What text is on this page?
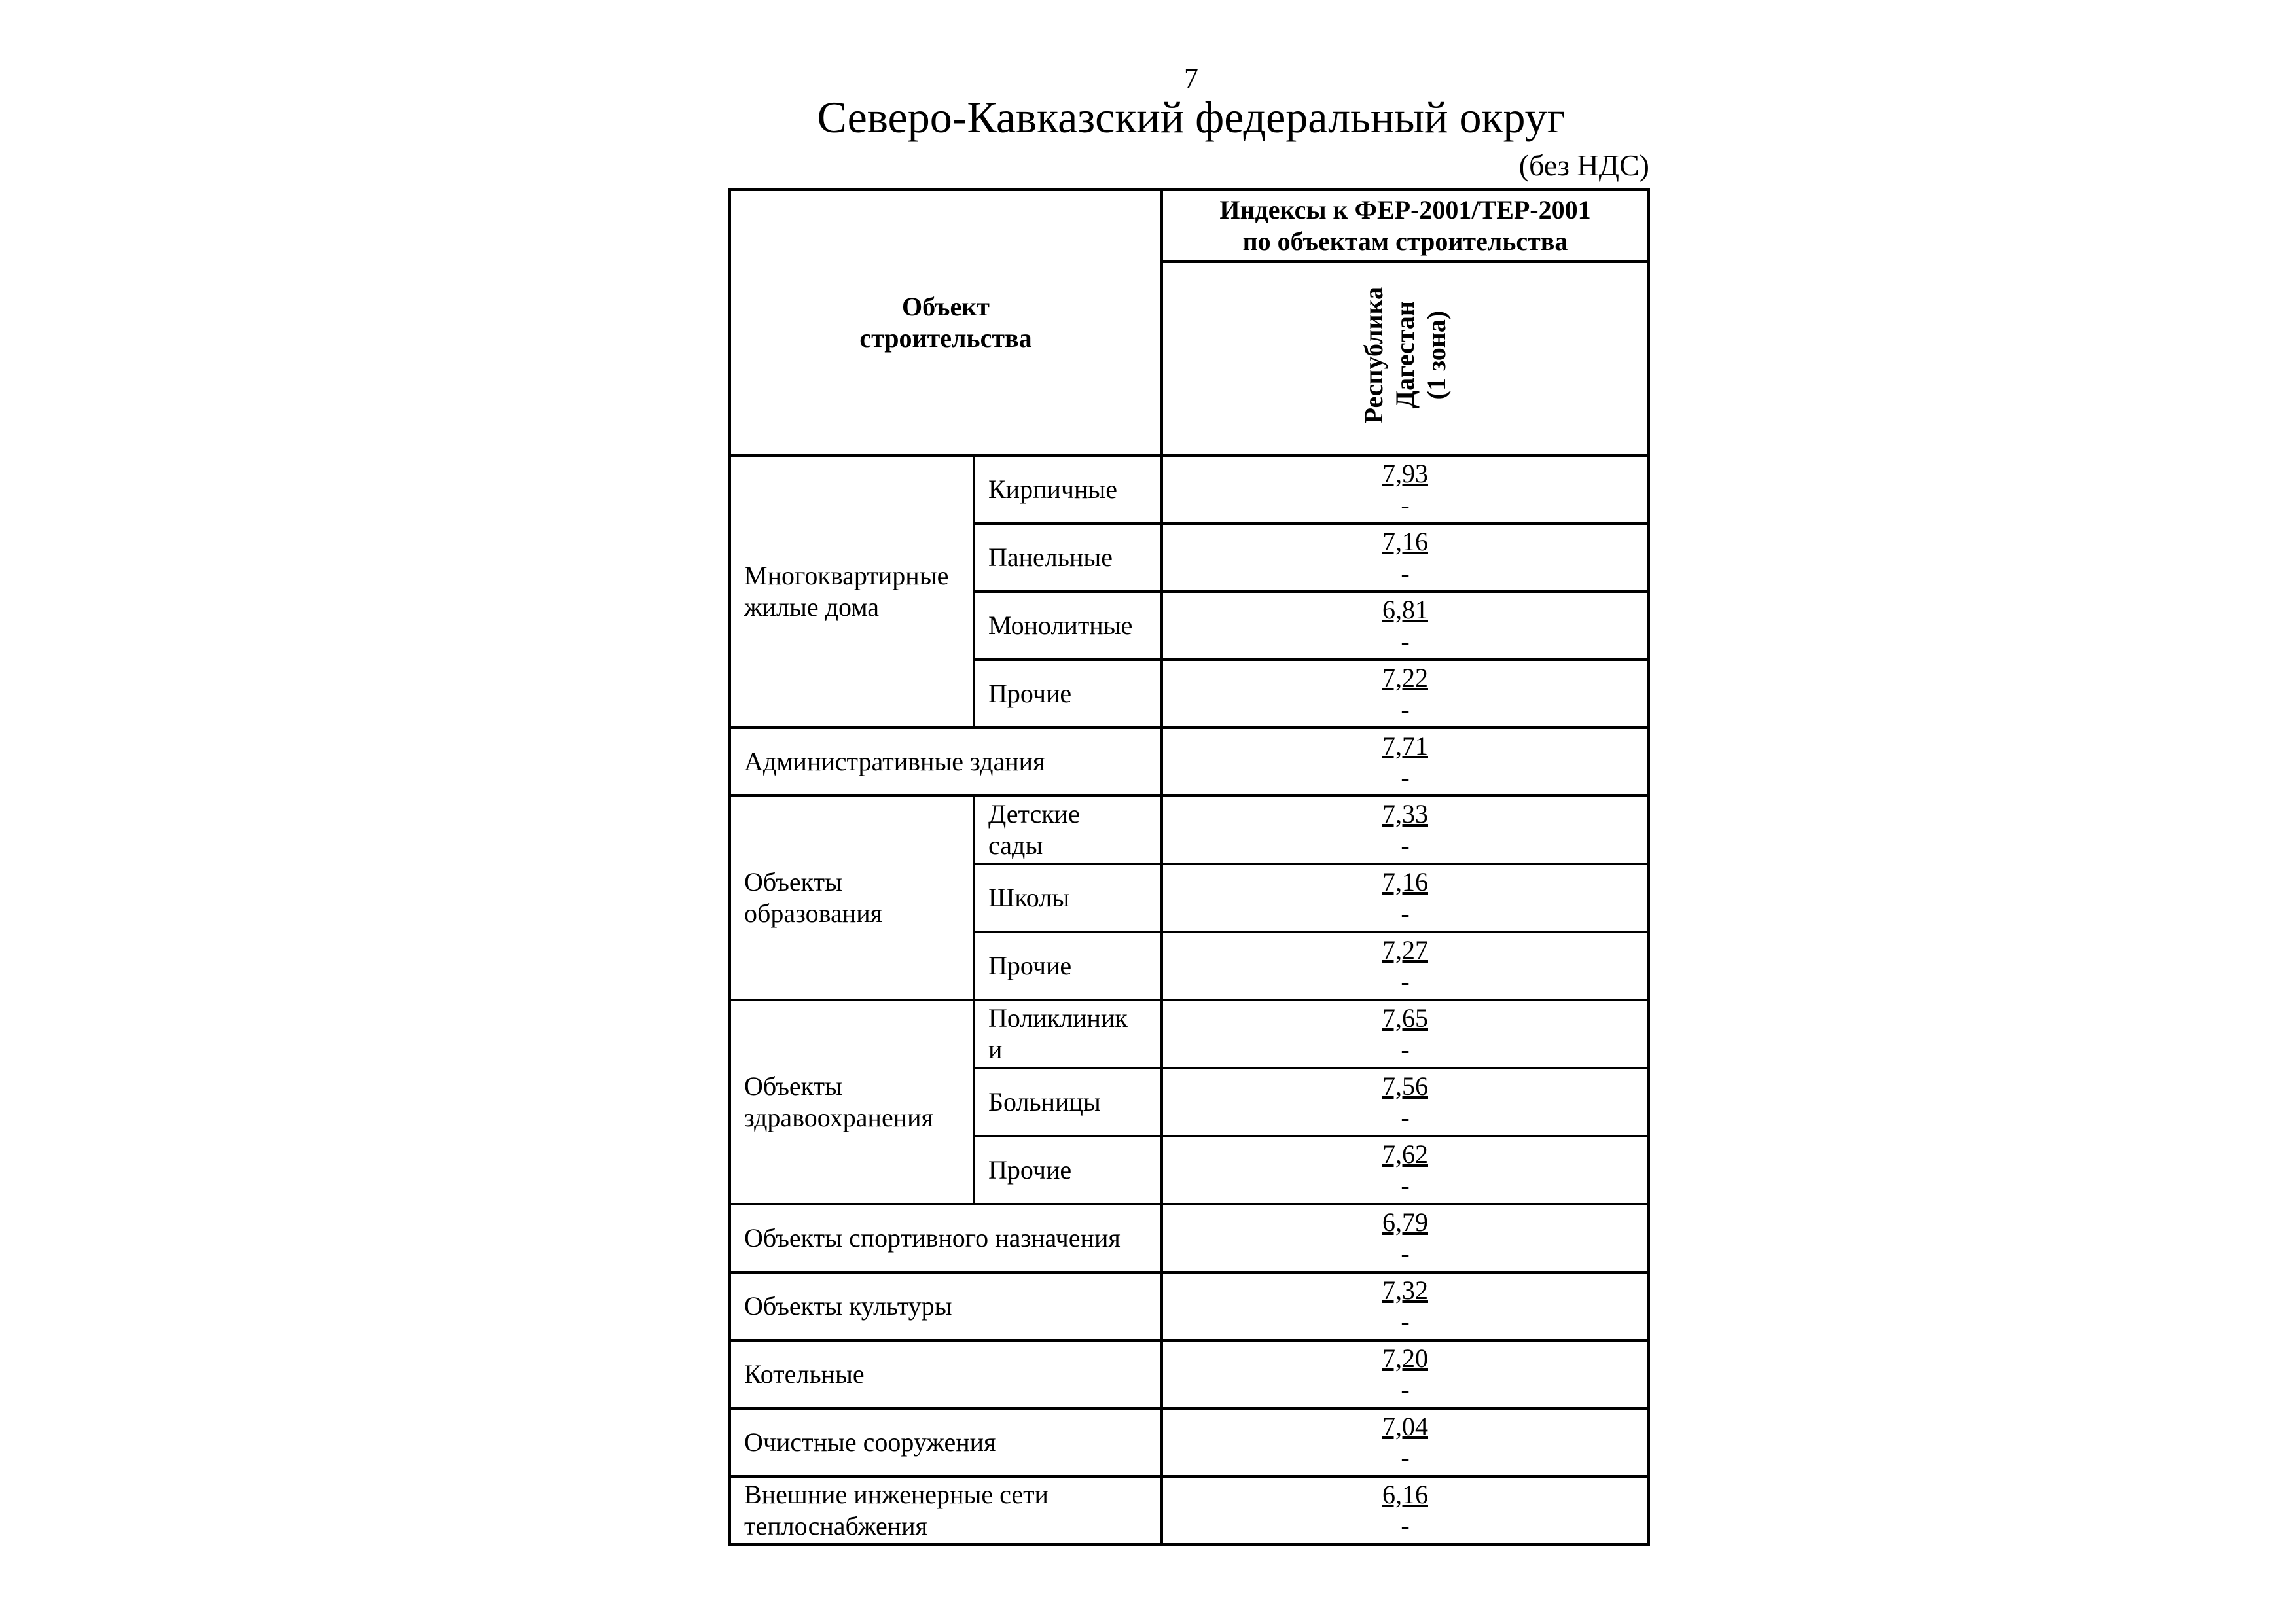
7
Северо-Кавказский федеральный округ
(без НДС)
Объект
строительства		Индексы к ФЕР-2001/ТЕР-2001
по объектам строительства
		Республика
Дагестан
(1 зона)
Многоквартирные
жилые дома	Кирпичные	7,93
-
	Панельные	7,16
-
	Монолитные	6,81
-
	Прочие	7,22
-
Административные здания		7,71
-
Объекты
образования	Детские
сады	7,33
-
	Школы	7,16
-
	Прочие	7,27
-
Объекты
здравоохранения	Поликлиник
и	7,65
-
	Больницы	7,56
-
	Прочие	7,62
-
Объекты спортивного назначения		6,79
-
Объекты культуры		7,32
-
Котельные		7,20
-
Очистные сооружения		7,04
-
Внешние инженерные сети
теплоснабжения		6,16
-
